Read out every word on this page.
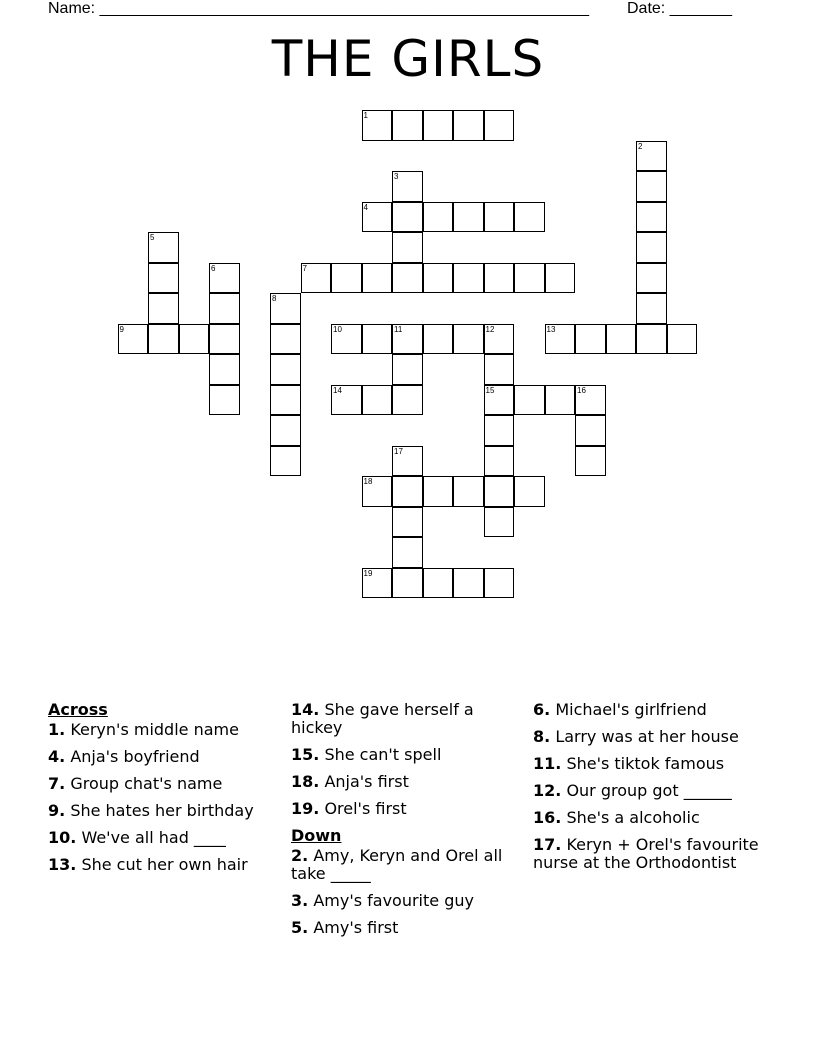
Name: _______________________________________________________ Date: _______
THE GIRLS
1
2
3
4
5
6	7
8
9	10	11	12
15
13
14	16
17
18
19
Across
1. Keryn's middle name
4. Anja's boyfriend
7. Group chat's name
9. She hates her birthday
10. We've all had ____
13. She cut her own hair
14. She gave herself a hickey
15. She can't spell
18. Anja's first
19. Orel's first
Down
2. Amy, Keryn and Orel all take _____
3. Amy's favourite guy
5. Amy's first
6. Michael's girlfriend
8. Larry was at her house
11. She's tiktok famous
12. Our group got ______
16. She's a alcoholic
17. Keryn + Orel's favourite nurse at the Orthodontist
